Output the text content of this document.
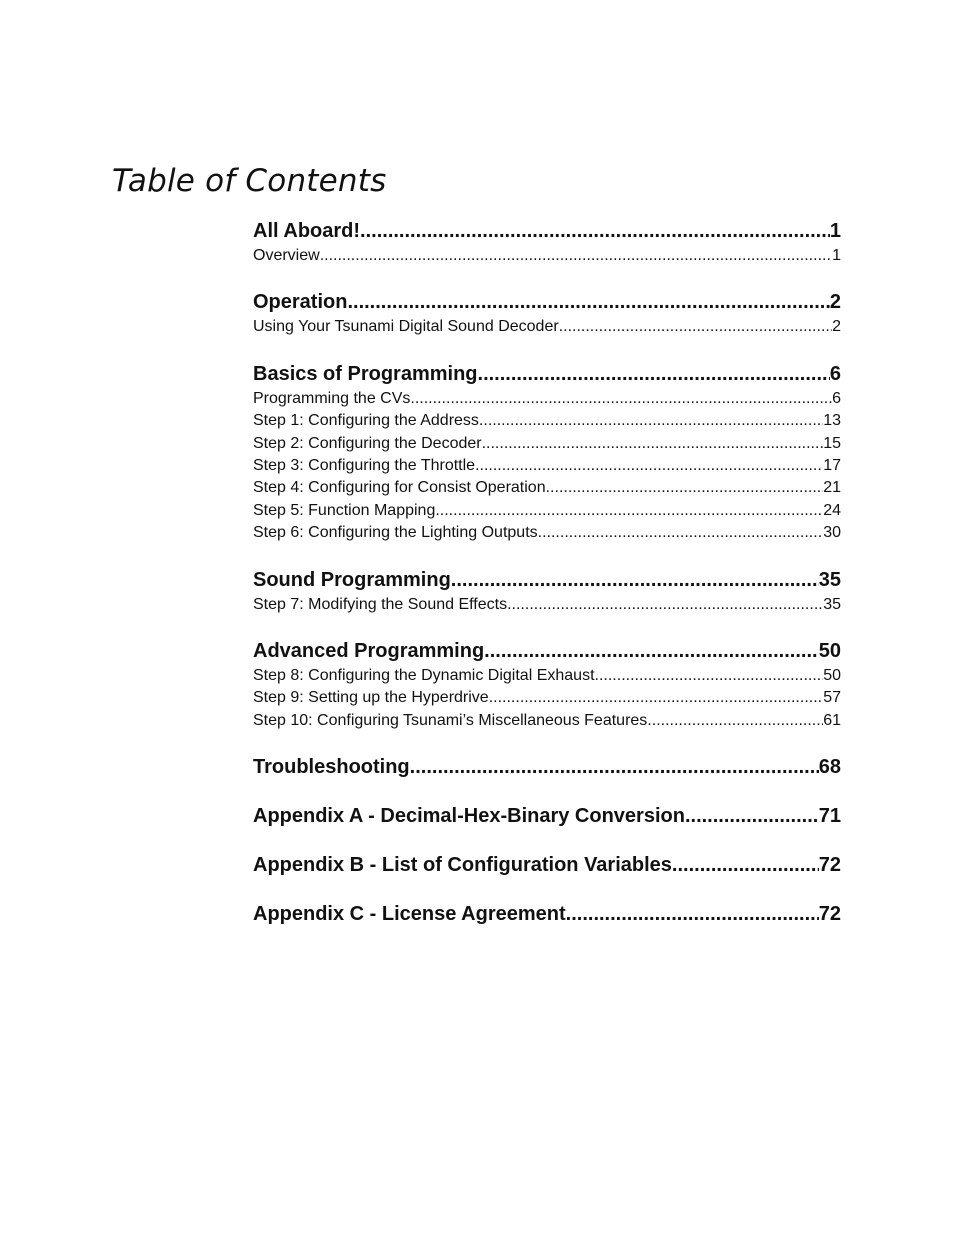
Table of Contents
All Aboard! .....	1
Overview .....	1
Operation .....	2
Using Your Tsunami Digital Sound Decoder .....	2
Basics of Programming .....	6
Programming the CVs .....	6
Step 1: Configuring the Address .....	13
Step 2: Configuring the Decoder .....	15
Step 3: Configuring the Throttle .....	17
Step 4: Configuring for Consist Operation .....	21
Step 5: Function Mapping .....	24
Step 6: Configuring the Lighting Outputs .....	30
Sound Programming .....	35
Step 7: Modifying the Sound Effects .....	35
Advanced Programming .....	50
Step 8: Configuring the Dynamic Digital Exhaust .....	50
Step 9: Setting up the Hyperdrive .....	57
Step 10: Configuring Tsunami’s Miscellaneous Features .....	61
Troubleshooting .....	68
Appendix A - Decimal-Hex-Binary Conversion .....	71
Appendix B - List of Configuration Variables .....	72
Appendix C - License Agreement .....	72
